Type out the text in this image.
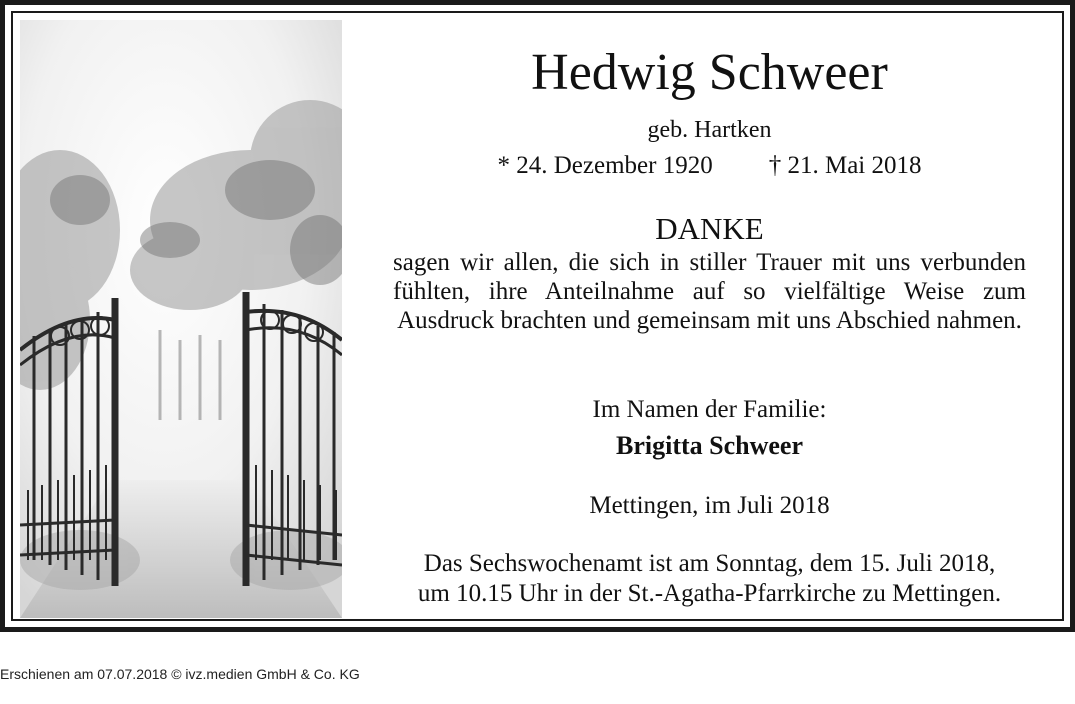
Hedwig Schweer
geb. Hartken
* 24. Dezember 1920 † 21. Mai 2018
DANKE
sagen wir allen, die sich in stiller Trauer mit uns verbunden fühlten, ihre Anteilnahme auf so vielfältige Weise zum Ausdruck brachten und gemeinsam mit uns Abschied nahmen.
Im Namen der Familie:
Brigitta Schweer
Mettingen, im Juli 2018
Das Sechswochenamt ist am Sonntag, dem 15. Juli 2018,
um 10.15 Uhr in der St.-Agatha-Pfarrkirche zu Mettingen.
Erschienen am 07.07.2018 © ivz.medien GmbH & Co. KG
